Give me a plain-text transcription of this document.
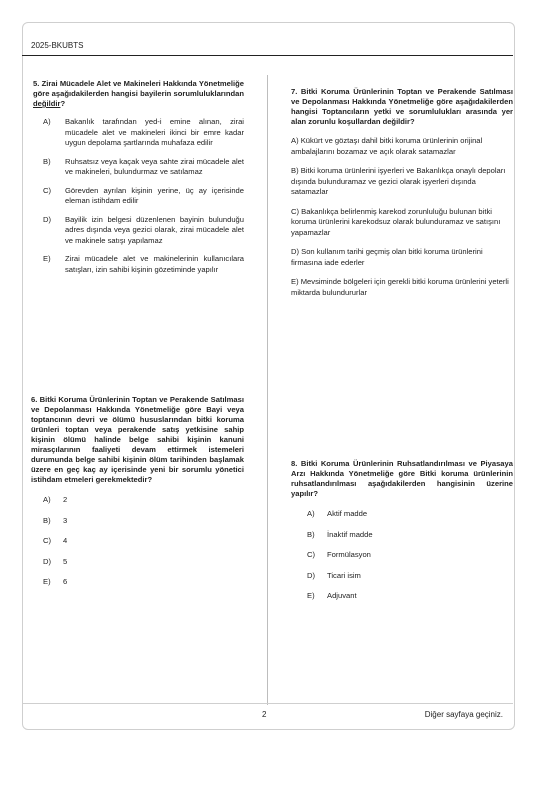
2025-BKUBTS

5. Zirai Mücadele Alet ve Makineleri Hakkında Yönetmeliğe göre aşağıdakilerden hangisi bayilerin sorumluluklarından değildir?

A)	Bakanlık tarafından yed-i emine alınan, zirai mücadele alet ve makineleri ikinci bir emre kadar uygun depolama şartlarında muhafaza edilir
B)	Ruhsatsız veya kaçak veya sahte zirai mücadele alet ve makineleri, bulundurmaz ve satılamaz
C)	Görevden ayrılan kişinin yerine, üç ay içerisinde eleman istihdam edilir
D)	Bayilik izin belgesi düzenlenen bayinin bulunduğu adres dışında veya gezici olarak, zirai mücadele alet ve makinele satışı yapılamaz
E)	Zirai mücadele alet ve makinelerinin kullanıcılara satışları, izin sahibi kişinin gözetiminde yapılır

6. Bitki Koruma Ürünlerinin Toptan ve Perakende Satılması ve Depolanması Hakkında Yönetmeliğe göre Bayi veya toptancının devri ve ölümü hususlarından bitki koruma ürünleri toptan veya perakende satış yetkisine sahip kişinin ölümü halinde belge sahibi kişinin kanuni mirasçılarının faaliyeti devam ettirmek istemeleri durumunda belge sahibi kişinin ölüm tarihinden başlamak üzere en geç kaç ay içerisinde yeni bir sorumlu yönetici istihdam etmeleri gerekmektedir?

A)	2
B)	3
C)	4
D)	5
E)	6

7. Bitki Koruma Ürünlerinin Toptan ve Perakende Satılması ve Depolanması Hakkında Yönetmeliğe göre aşağıdakilerden hangisi Toptancıların yetki ve sorumlulukları arasında yer alan zorunlu koşullardan değildir?

A) Kükürt ve göztaşı dahil bitki koruma ürünlerinin orijinal ambalajlarını bozamaz ve açık olarak satamazlar
B) Bitki koruma ürünlerini işyerleri ve Bakanlıkça onaylı depoları dışında bulunduramaz ve gezici olarak işyerleri dışında satamazlar
C) Bakanlıkça belirlenmiş karekod zorunluluğu bulunan bitki koruma ürünlerini karekodsuz olarak bulunduramaz ve satışını yapamazlar
D) Son kullanım tarihi geçmiş olan bitki koruma ürünlerini firmasına iade ederler
E) Mevsiminde bölgeleri için gerekli bitki koruma ürünlerini yeterli miktarda bulundururlar

8. Bitki Koruma Ürünlerinin Ruhsatlandırılması ve Piyasaya Arzı Hakkında Yönetmeliğe göre Bitki koruma ürünlerinin ruhsatlandırılması aşağıdakilerden hangisinin üzerine yapılır?

A)	Aktif madde
B)	İnaktif madde
C)	Formülasyon
D)	Ticari isim
E)	Adjuvant
2	Diğer sayfaya geçiniz.
